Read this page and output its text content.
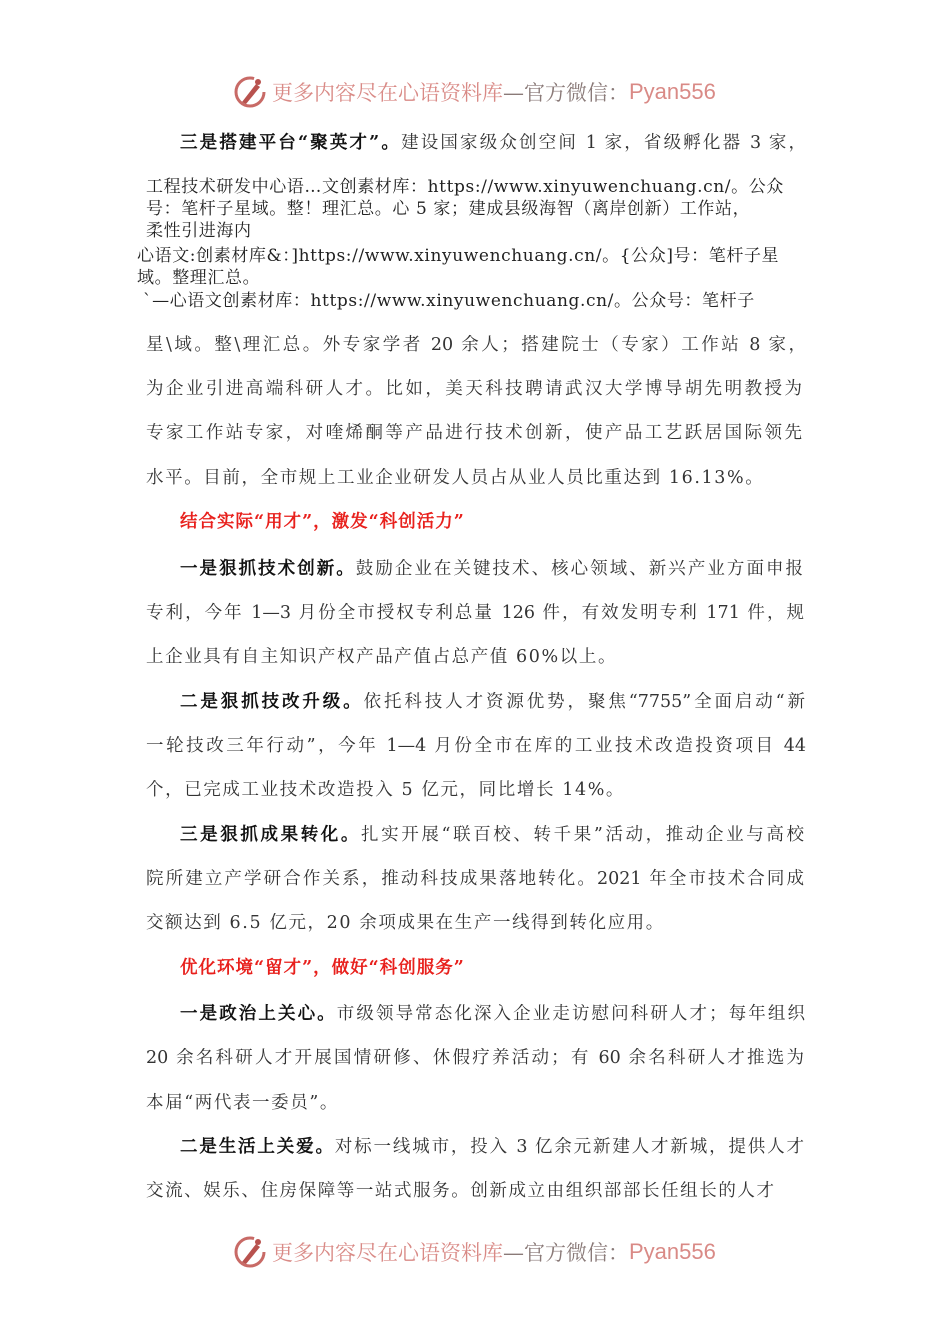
更多内容尽在心语资料库 —官方微信： Pyan556
三是搭建平台“聚英才”。建设国家级众创空间 1 家，省级孵化器 3 家，
工程技术研发中心语…文创素材库：https://www.xinyuwenchuang.cn/。公众
号：笔杆子星域。整！理汇总。心 5 家；建成县级海智（离岸创新）工作站，
柔性引进海内
心语文:创素材库&：]https://www.xinyuwenchuang.cn/。{公众]号：笔杆子星
域。整理汇总。
`—心语文创素材库：https://www.xinyuwenchuang.cn/。公众号：笔杆子
星\域。整\理汇总。外专家学者 20 余人；搭建院士（专家）工作站 8 家，
为企业引进高端科研人才。比如，美天科技聘请武汉大学博导胡先明教授为
专家工作站专家，对喹烯酮等产品进行技术创新，使产品工艺跃居国际领先
水平。目前，全市规上工业企业研发人员占从业人员比重达到 16.13%。
结合实际“用才”，激发“科创活力”
一是狠抓技术创新。鼓励企业在关键技术、核心领域、新兴产业方面申报
专利，今年 1—3 月份全市授权专利总量 126 件，有效发明专利 171 件，规
上企业具有自主知识产权产品产值占总产值 60%以上。
二是狠抓技改升级。依托科技人才资源优势，聚焦“7755”全面启动“新
一轮技改三年行动”，今年 1—4 月份全市在库的工业技术改造投资项目 44
个，已完成工业技术改造投入 5 亿元，同比增长 14%。
三是狠抓成果转化。扎实开展“联百校、转千果”活动，推动企业与高校
院所建立产学研合作关系，推动科技成果落地转化。2021 年全市技术合同成
交额达到 6.5 亿元，20 余项成果在生产一线得到转化应用。
优化环境“留才”，做好“科创服务”
一是政治上关心。市级领导常态化深入企业走访慰问科研人才；每年组织
20 余名科研人才开展国情研修、休假疗养活动；有 60 余名科研人才推选为
本届“两代表一委员”。
二是生活上关爱。对标一线城市，投入 3 亿余元新建人才新城，提供人才
交流、娱乐、住房保障等一站式服务。创新成立由组织部部长任组长的人才
更多内容尽在心语资料库 —官方微信： Pyan556
